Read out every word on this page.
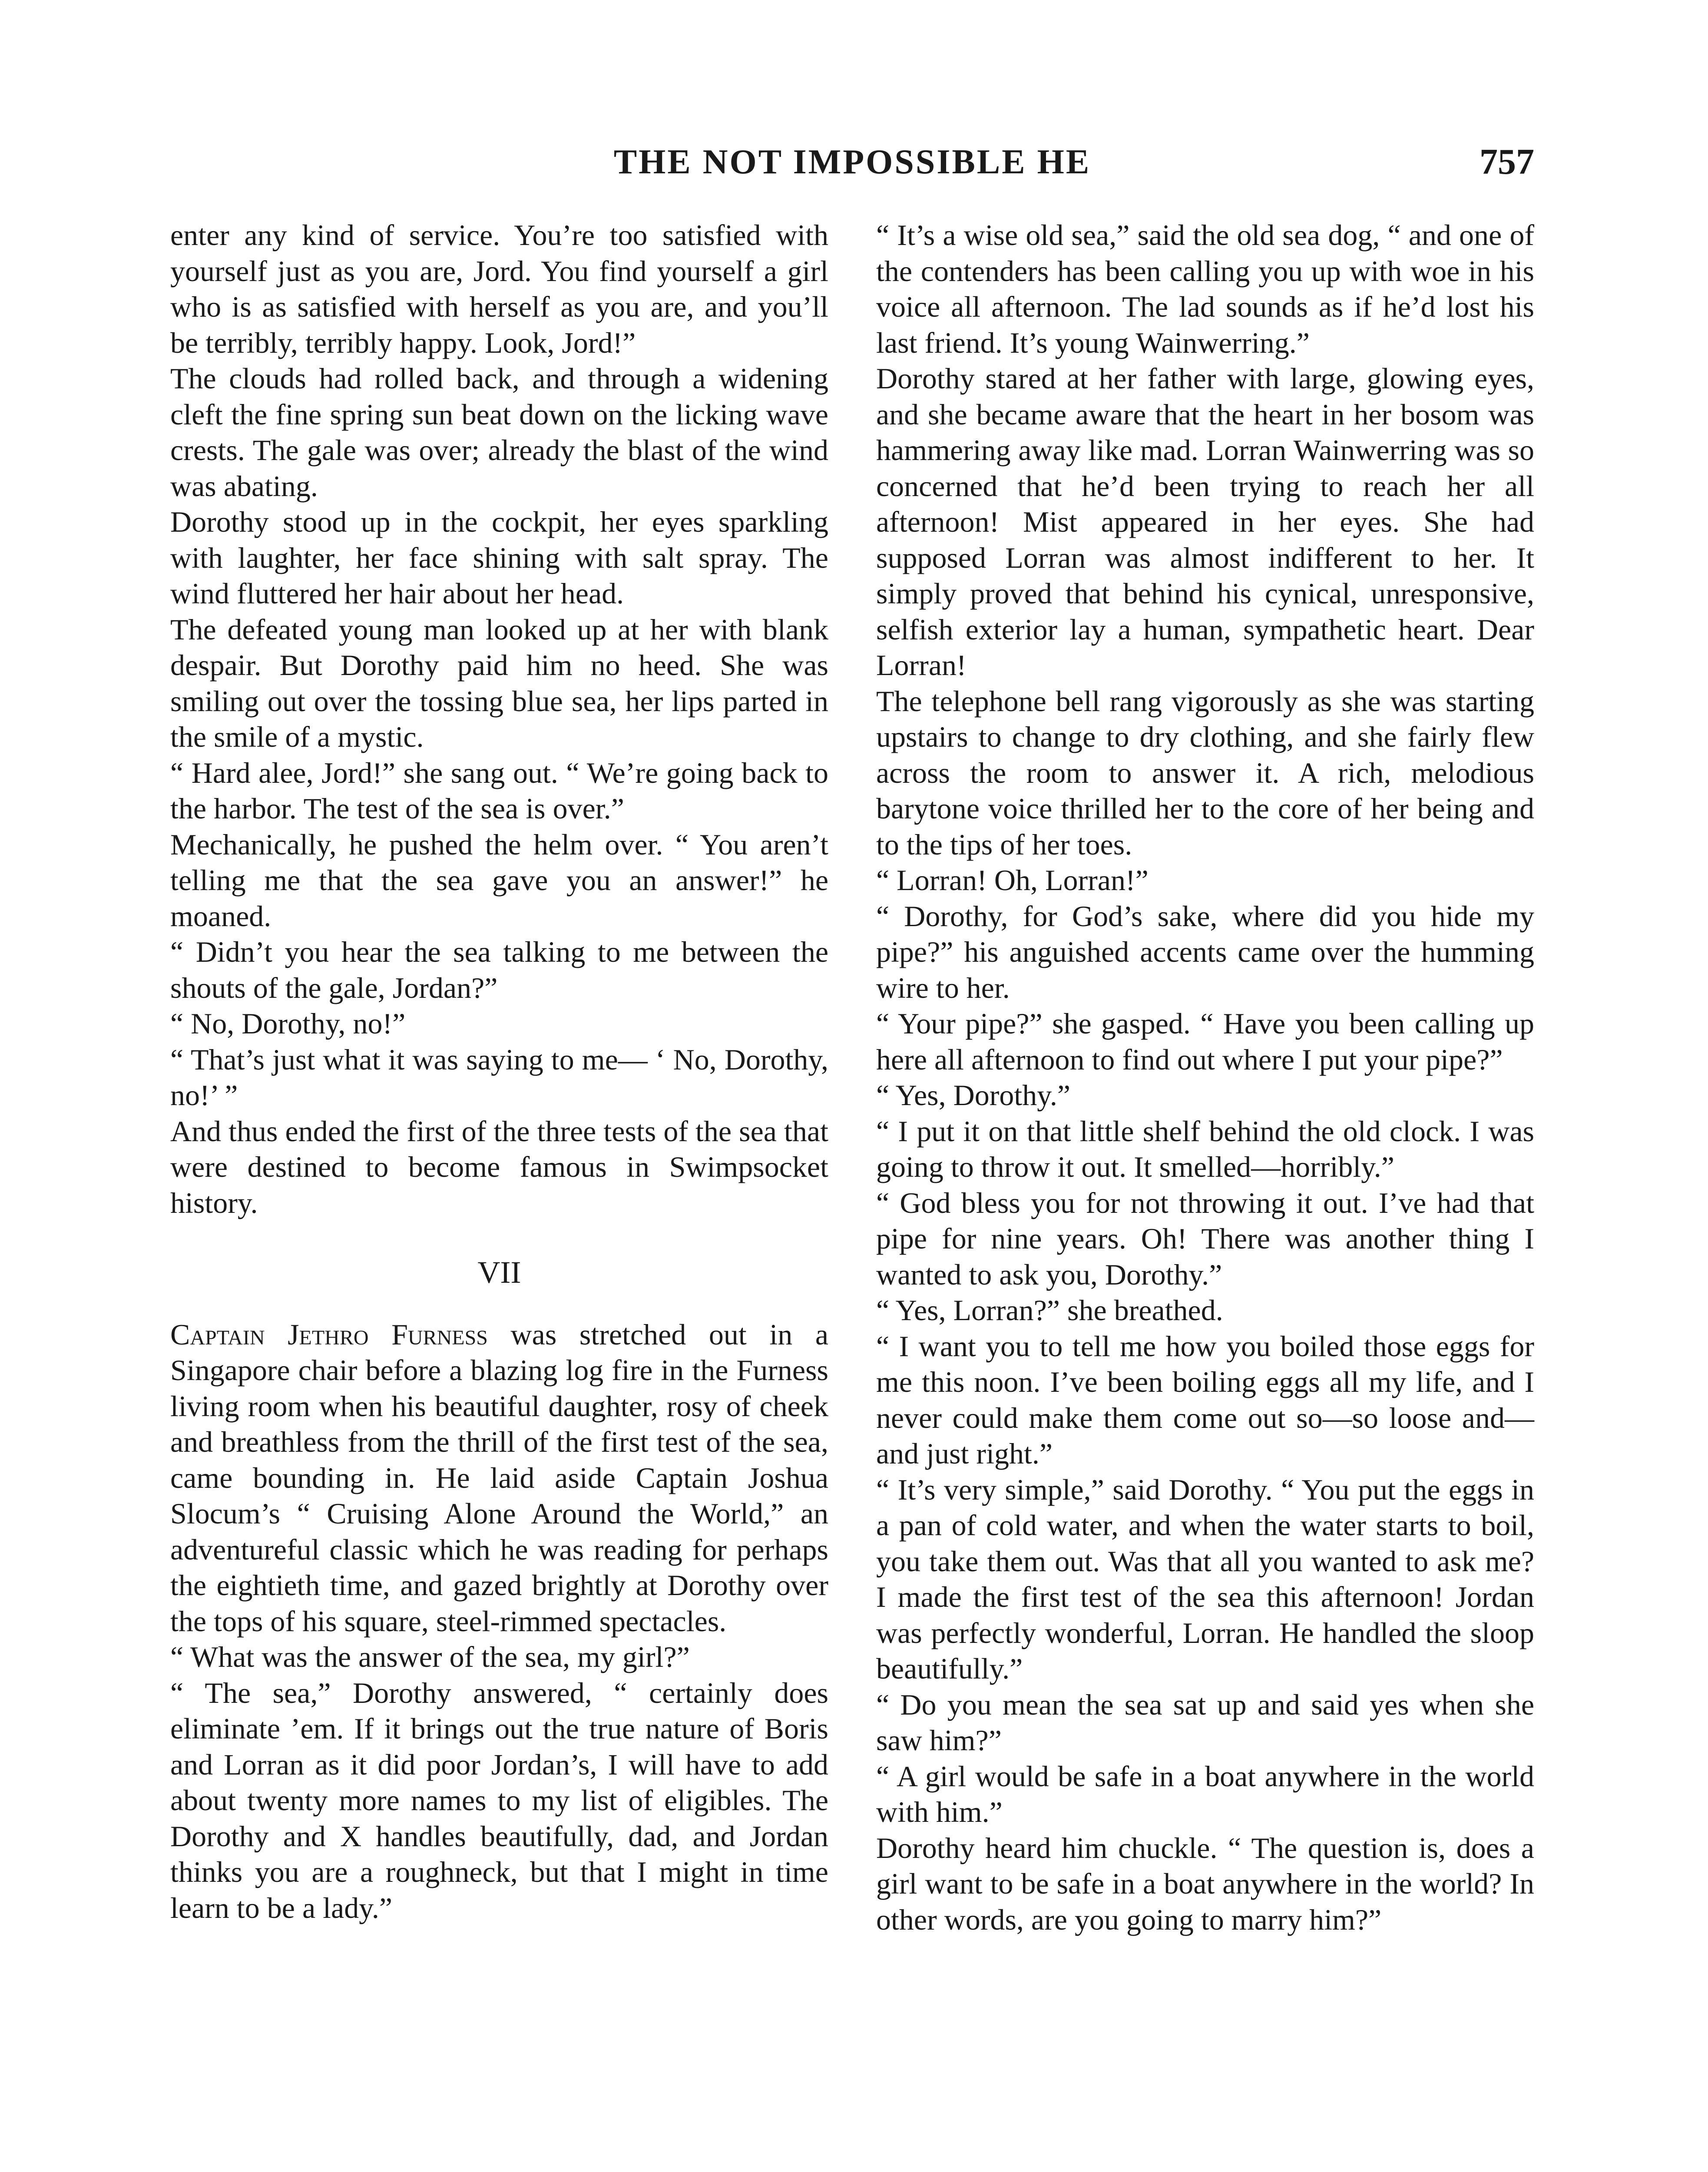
THE NOT IMPOSSIBLE HE	757

enter any kind of service. You’re too satisfied with yourself just as you are, Jord. You find yourself a girl who is as satisfied with herself as you are, and you’ll be terribly, terribly happy. Look, Jord!”

The clouds had rolled back, and through a widening cleft the fine spring sun beat down on the licking wave crests. The gale was over; already the blast of the wind was abating.

Dorothy stood up in the cockpit, her eyes sparkling with laughter, her face shining with salt spray. The wind fluttered her hair about her head.

The defeated young man looked up at her with blank despair. But Dorothy paid him no heed. She was smiling out over the tossing blue sea, her lips parted in the smile of a mystic.

“ Hard alee, Jord!” she sang out. “ We’re going back to the harbor. The test of the sea is over.”

Mechanically, he pushed the helm over. “ You aren’t telling me that the sea gave you an answer!” he moaned.

“ Didn’t you hear the sea talking to me between the shouts of the gale, Jordan?”

“ No, Dorothy, no!”

“ That’s just what it was saying to me— ‘ No, Dorothy, no!’ ”

And thus ended the first of the three tests of the sea that were destined to become famous in Swimpsocket history.

VII

Captain Jethro Furness was stretched out in a Singapore chair before a blazing log fire in the Furness living room when his beautiful daughter, rosy of cheek and breathless from the thrill of the first test of the sea, came bounding in. He laid aside Captain Joshua Slocum’s “ Cruising Alone Around the World,” an adventureful classic which he was reading for perhaps the eightieth time, and gazed brightly at Dorothy over the tops of his square, steel-rimmed spectacles.

“ What was the answer of the sea, my girl?”

“ The sea,” Dorothy answered, “ certainly does eliminate ’em. If it brings out the true nature of Boris and Lorran as it did poor Jordan’s, I will have to add about twenty more names to my list of eligibles. The Dorothy and X handles beautifully, dad, and Jordan thinks you are a roughneck, but that I might in time learn to be a lady.”

“ It’s a wise old sea,” said the old sea dog, “ and one of the contenders has been calling you up with woe in his voice all afternoon. The lad sounds as if he’d lost his last friend. It’s young Wainwerring.”

Dorothy stared at her father with large, glowing eyes, and she became aware that the heart in her bosom was hammering away like mad. Lorran Wainwerring was so concerned that he’d been trying to reach her all afternoon! Mist appeared in her eyes. She had supposed Lorran was almost indifferent to her. It simply proved that behind his cynical, unresponsive, selfish exterior lay a human, sympathetic heart. Dear Lorran!

The telephone bell rang vigorously as she was starting upstairs to change to dry clothing, and she fairly flew across the room to answer it. A rich, melodious barytone voice thrilled her to the core of her being and to the tips of her toes.

“ Lorran! Oh, Lorran!”

“ Dorothy, for God’s sake, where did you hide my pipe?” his anguished accents came over the humming wire to her.

“ Your pipe?” she gasped. “ Have you been calling up here all afternoon to find out where I put your pipe?”

“ Yes, Dorothy.”

“ I put it on that little shelf behind the old clock. I was going to throw it out. It smelled—horribly.”

“ God bless you for not throwing it out. I’ve had that pipe for nine years. Oh! There was another thing I wanted to ask you, Dorothy.”

“ Yes, Lorran?” she breathed.

“ I want you to tell me how you boiled those eggs for me this noon. I’ve been boiling eggs all my life, and I never could make them come out so—so loose and—and just right.”

“ It’s very simple,” said Dorothy. “ You put the eggs in a pan of cold water, and when the water starts to boil, you take them out. Was that all you wanted to ask me? I made the first test of the sea this afternoon! Jordan was perfectly wonderful, Lorran. He handled the sloop beautifully.”

“ Do you mean the sea sat up and said yes when she saw him?”

“ A girl would be safe in a boat anywhere in the world with him.”

Dorothy heard him chuckle. “ The question is, does a girl want to be safe in a boat anywhere in the world? In other words, are you going to marry him?”
